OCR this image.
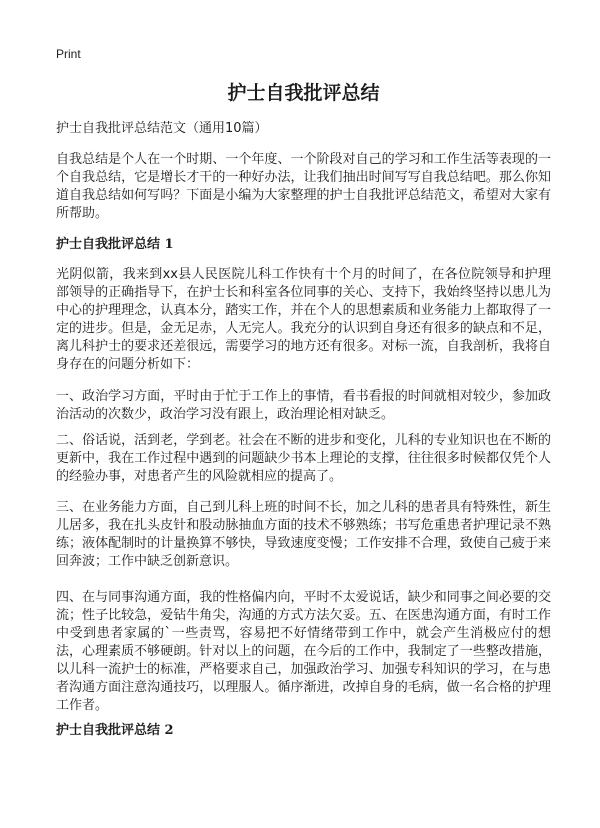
Print
护士自我批评总结

护士自我批评总结范文（通用10篇）

自我总结是个人在一个时期、一个年度、一个阶段对自己的学习和工作生活等表现的一个自我总结，它是增长才干的一种好办法，让我们抽出时间写写自我总结吧。那么你知道自我总结如何写吗？下面是小编为大家整理的护士自我批评总结范文，希望对大家有所帮助。

护士自我批评总结 1

光阴似箭，我来到xx县人民医院儿科工作快有十个月的时间了，在各位院领导和护理部领导的正确指导下，在护士长和科室各位同事的关心、支持下，我始终坚持以患儿为中心的护理理念，认真本分，踏实工作，并在个人的思想素质和业务能力上都取得了一定的进步。但是，金无足赤，人无完人。我充分的认识到自身还有很多的缺点和不足，离儿科护士的要求还差很远，需要学习的地方还有很多。对标一流，自我剖析，我将自身存在的问题分析如下：

一、政治学习方面，平时由于忙于工作上的事情，看书看报的时间就相对较少，参加政治活动的次数少，政治学习没有跟上，政治理论相对缺乏。

二、俗话说，活到老，学到老。社会在不断的进步和变化，儿科的专业知识也在不断的更新中，我在工作过程中遇到的问题缺少书本上理论的支撑，往往很多时候都仅凭个人的经验办事，对患者产生的风险就相应的提高了。

三、在业务能力方面，自己到儿科上班的时间不长，加之儿科的患者具有特殊性，新生儿居多，我在扎头皮针和股动脉抽血方面的技术不够熟练；书写危重患者护理记录不熟练；液体配制时的计量换算不够快，导致速度变慢；工作安排不合理，致使自己疲于来回奔波；工作中缺乏创新意识。

四、在与同事沟通方面，我的性格偏内向，平时不太爱说话，缺少和同事之间必要的交流；性子比较急，爱钻牛角尖，沟通的方式方法欠妥。五、在医患沟通方面，有时工作中受到患者家属的`一些责骂，容易把不好情绪带到工作中，就会产生消极应付的想法，心理素质不够硬朗。针对以上的问题，在今后的工作中，我制定了一些整改措施，以儿科一流护士的标准，严格要求自己，加强政治学习、加强专科知识的学习，在与患者沟通方面注意沟通技巧，以理服人。循序渐进，改掉自身的毛病，做一名合格的护理工作者。

护士自我批评总结 2
